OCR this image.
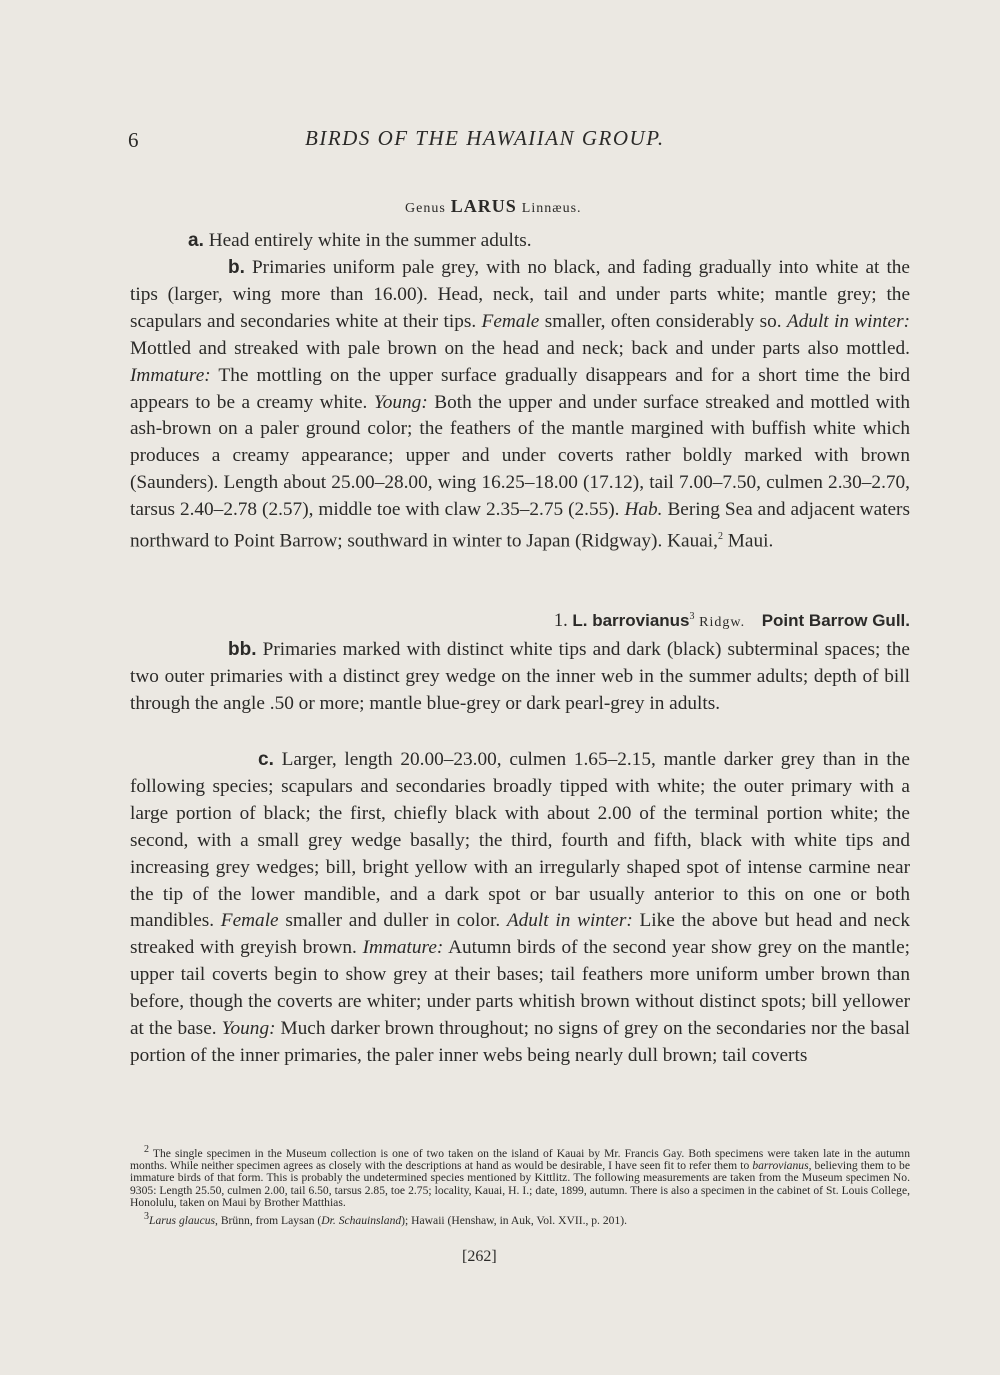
6	BIRDS OF THE HAWAIIAN GROUP.
Genus LARUS Linnæus.
a. Head entirely white in the summer adults.
b. Primaries uniform pale grey, with no black, and fading gradually into white at the tips (larger, wing more than 16.00). Head, neck, tail and under parts white; mantle grey; the scapulars and secondaries white at their tips. Female smaller, often considerably so. Adult in winter: Mottled and streaked with pale brown on the head and neck; back and under parts also mottled. Immature: The mottling on the upper surface gradually disappears and for a short time the bird appears to be a creamy white. Young: Both the upper and under surface streaked and mottled with ash-brown on a paler ground color; the feathers of the mantle margined with buffish white which produces a creamy appearance; upper and under coverts rather boldly marked with brown (Saunders). Length about 25.00–28.00, wing 16.25–18.00 (17.12), tail 7.00–7.50, culmen 2.30–2.70, tarsus 2.40–2.78 (2.57), middle toe with claw 2.35–2.75 (2.55). Hab. Bering Sea and adjacent waters northward to Point Barrow; southward in winter to Japan (Ridgway). Kauai,$^2$ Maui.
1. L. barrovianus$^3$ Ridgw. Point Barrow Gull.
bb. Primaries marked with distinct white tips and dark (black) subterminal spaces; the two outer primaries with a distinct grey wedge on the inner web in the summer adults; depth of bill through the angle .50 or more; mantle blue-grey or dark pearl-grey in adults.
c. Larger, length 20.00–23.00, culmen 1.65–2.15, mantle darker grey than in the following species; scapulars and secondaries broadly tipped with white; the outer primary with a large portion of black; the first, chiefly black with about 2.00 of the terminal portion white; the second, with a small grey wedge basally; the third, fourth and fifth, black with white tips and increasing grey wedges; bill, bright yellow with an irregularly shaped spot of intense carmine near the tip of the lower mandible, and a dark spot or bar usually anterior to this on one or both mandibles. Female smaller and duller in color. Adult in winter: Like the above but head and neck streaked with greyish brown. Immature: Autumn birds of the second year show grey on the mantle; upper tail coverts begin to show grey at their bases; tail feathers more uniform umber brown than before, though the coverts are whiter; under parts whitish brown without distinct spots; bill yellower at the base. Young: Much darker brown throughout; no signs of grey on the secondaries nor the basal portion of the inner primaries, the paler inner webs being nearly dull brown; tail coverts

$^2$ The single specimen in the Museum collection is one of two taken on the island of Kauai by Mr. Francis Gay. Both specimens were taken late in the autumn months. While neither specimen agrees as closely with the descriptions at hand as would be desirable, I have seen fit to refer them to barrovianus, believing them to be immature birds of that form. This is probably the undetermined species mentioned by Kittlitz. The following measurements are taken from the Museum specimen No. 9305: Length 25.50, culmen 2.00, tail 6.50, tarsus 2.85, toe 2.75; locality, Kauai, H. I.; date, 1899, autumn. There is also a specimen in the cabinet of St. Louis College, Honolulu, taken on Maui by Brother Matthias.

$^3$Larus glaucus, Brünn, from Laysan (Dr. Schauinsland); Hawaii (Henshaw, in Auk, Vol. XVII., p. 201).

[262]
